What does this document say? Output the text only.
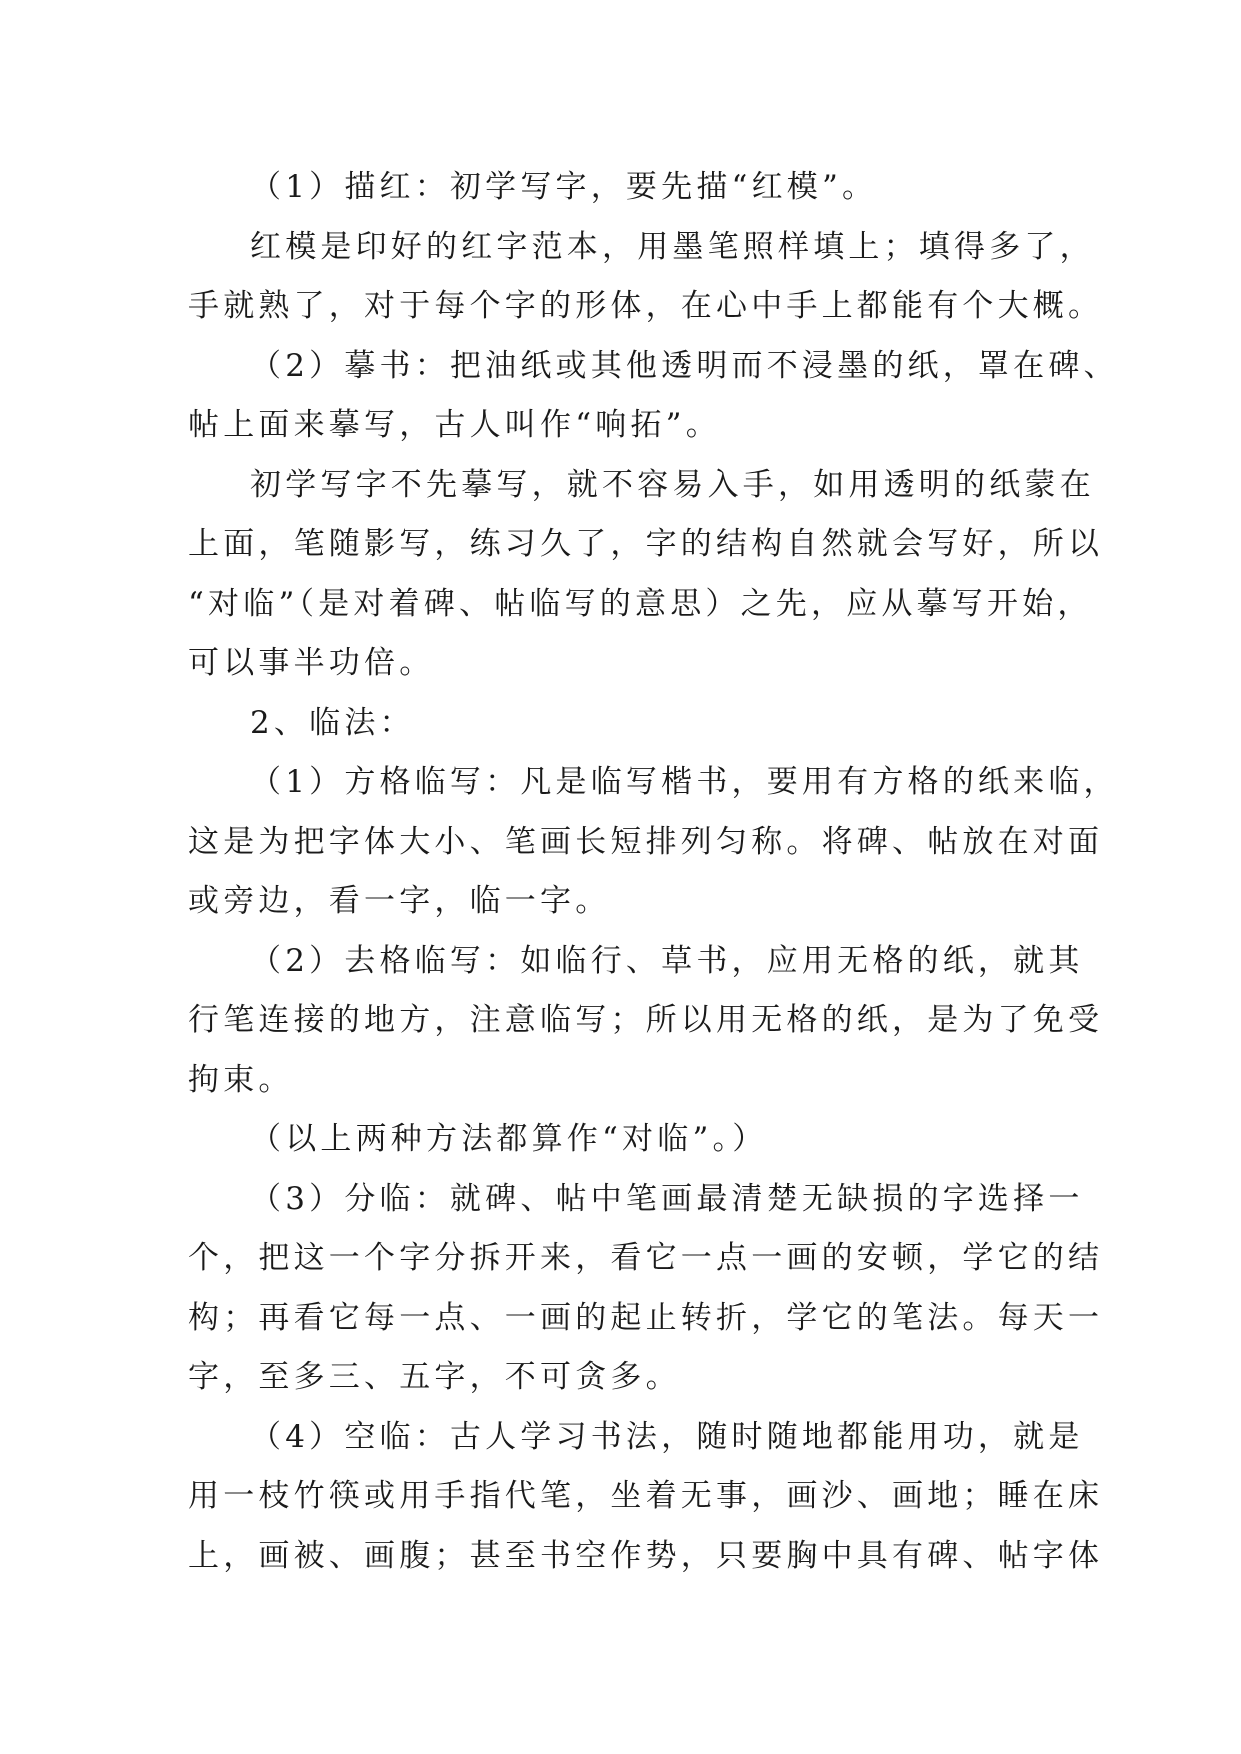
（1）描红：初学写字，要先描“红模”。

红模是印好的红字范本，用墨笔照样填上；填得多了，
手就熟了，对于每个字的形体，在心中手上都能有个大概。

（2）摹书：把油纸或其他透明而不浸墨的纸，罩在碑、
帖上面来摹写，古人叫作“响拓”。

初学写字不先摹写，就不容易入手，如用透明的纸蒙在
上面，笔随影写，练习久了，字的结构自然就会写好，所以
“对临”（是对着碑、帖临写的意思）之先，应从摹写开始，
可以事半功倍。

2、临法：

（1）方格临写：凡是临写楷书，要用有方格的纸来临，
这是为把字体大小、笔画长短排列匀称。将碑、帖放在对面
或旁边，看一字，临一字。

（2）去格临写：如临行、草书，应用无格的纸，就其
行笔连接的地方，注意临写；所以用无格的纸，是为了免受
拘束。

（以上两种方法都算作“对临”。）

（3）分临：就碑、帖中笔画最清楚无缺损的字选择一
个，把这一个字分拆开来，看它一点一画的安顿，学它的结
构；再看它每一点、一画的起止转折，学它的笔法。每天一
字，至多三、五字，不可贪多。

（4）空临：古人学习书法，随时随地都能用功，就是
用一枝竹筷或用手指代笔，坐着无事，画沙、画地；睡在床
上，画被、画腹；甚至书空作势，只要胸中具有碑、帖字体
